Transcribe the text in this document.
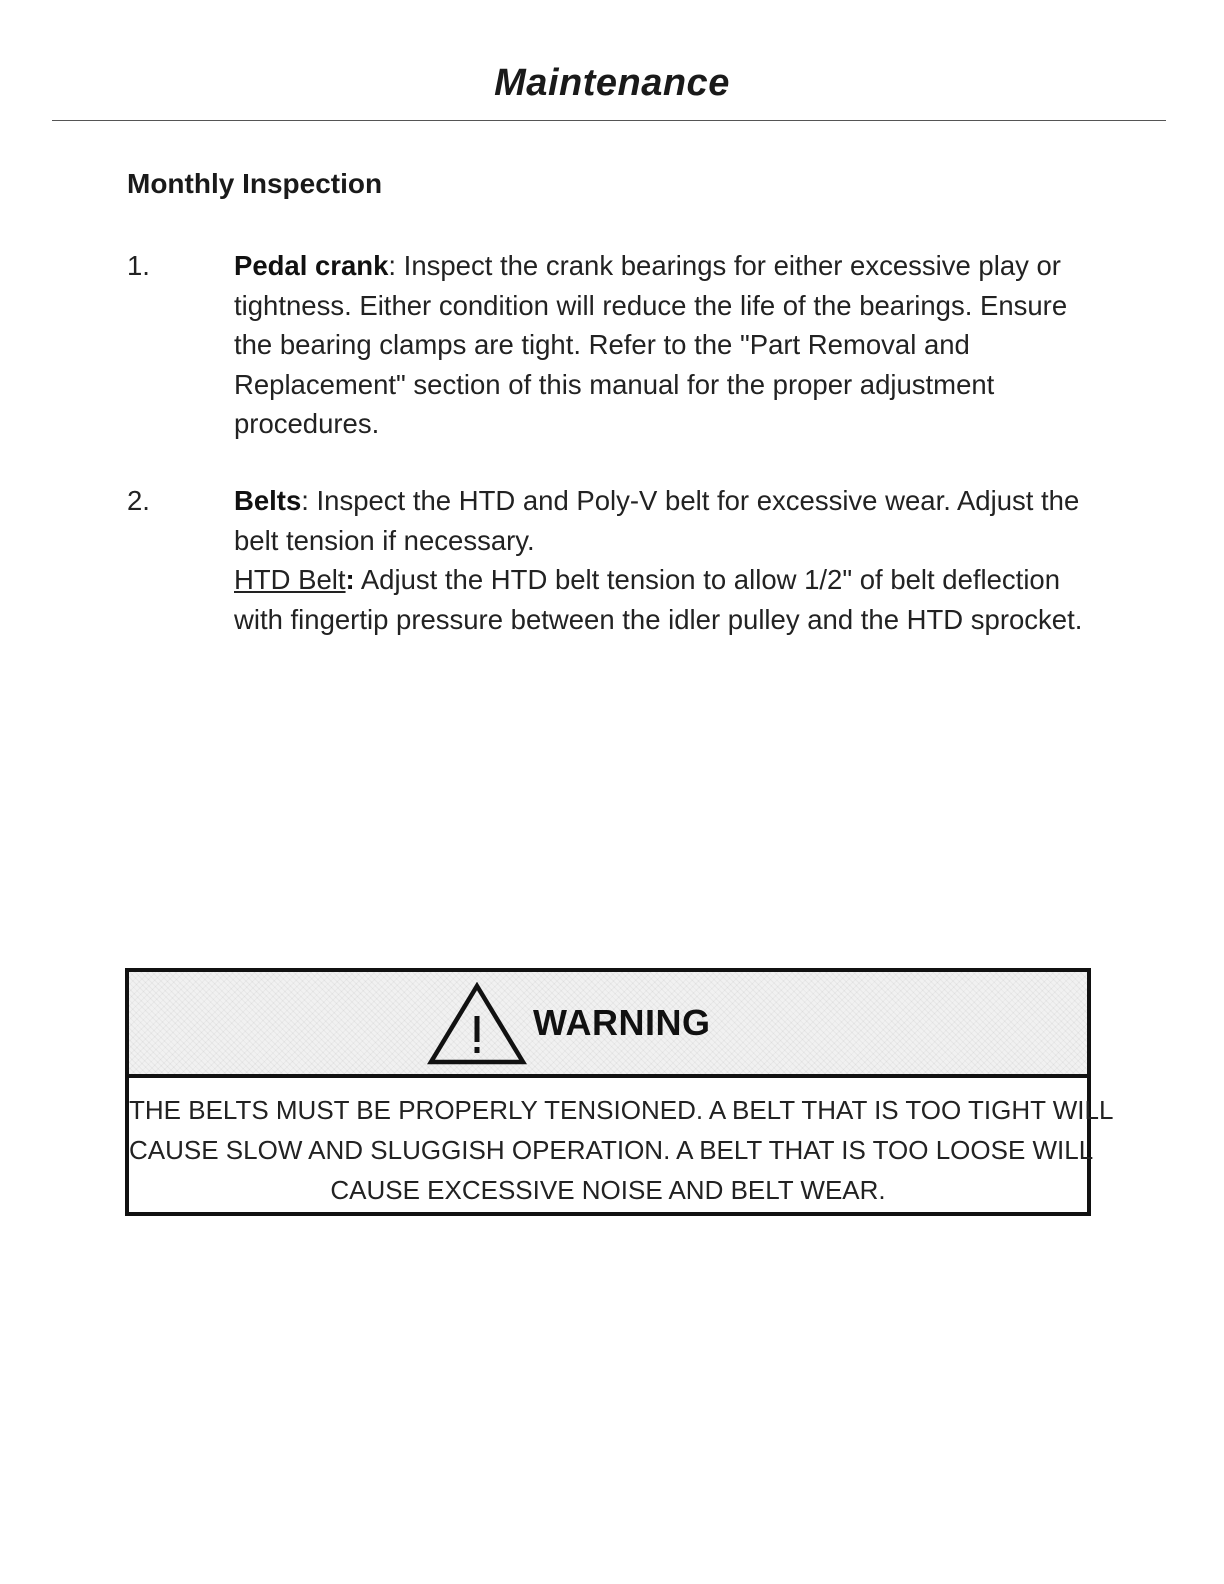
Maintenance
Monthly Inspection
1.	Pedal crank: Inspect the crank bearings for either excessive play or tightness. Either condition will reduce the life of the bearings. Ensure the bearing clamps are tight. Refer to the "Part Removal and Replacement" section of this manual for the proper adjustment procedures.
2.	Belts: Inspect the HTD and Poly-V belt for excessive wear. Adjust the belt tension if necessary.
HTD Belt: Adjust the HTD belt tension to allow 1/2" of belt deflection with fingertip pressure between the idler pulley and the HTD sprocket.
WARNING
THE BELTS MUST BE PROPERLY TENSIONED. A BELT THAT IS TOO TIGHT WILL
CAUSE SLOW AND SLUGGISH OPERATION. A BELT THAT IS TOO LOOSE WILL
CAUSE EXCESSIVE NOISE AND BELT WEAR.
